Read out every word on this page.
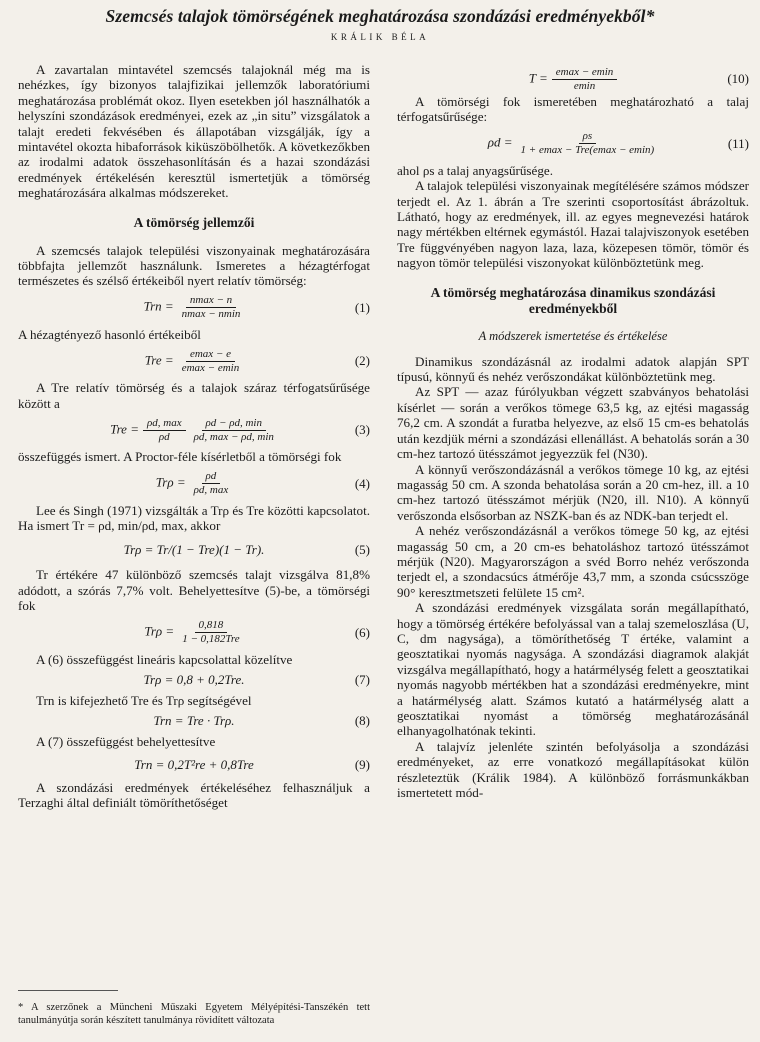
Szemcsés talajok tömörségének meghatározása szondázási eredményekből*
KRÁLIK BÉLA

A zavartalan mintavétel szemcsés talajoknál még ma is nehézkes, így bizonyos talajfizikai jellemzők laboratóriumi meghatározása problémát okoz. Ilyen esetekben jól használhatók a helyszíni szondázások eredményei, ezek az „in situ” vizsgálatok a talajt eredeti fekvésében és állapotában vizsgálják, így a mintavétel okozta hibaforrások kiküszöbölhetők. A következőkben az irodalmi adatok összehasonlításán és a hazai szondázási eredmények értékelésén keresztül ismertetjük a tömörség meghatározására alkalmas módszereket.

A tömörség jellemzői

A szemcsés talajok települési viszonyainak meghatározására többfajta jellemzőt használunk. Ismeretes a hézagtérfogat természetes és szélső értékeiből nyert relatív tömörség:

Trn = $\frac{nmax - n}{nmax - nmin}$	(1)

A hézagtényező hasonló értékeiből

Tre = $\frac{emax - e}{emax - emin}$	(2)

A Tre relatív tömörség és a talajok száraz térfogatsűrűsége között a

Tre = $\frac{\rho d, \max}{\rho d} \frac{\rho d - \rho d, \min}{\rho d, \max - \rho d, \min}$	(3)

összefüggés ismert. A Proctor-féle kísérletből a tömörségi fok

$Tr\rho = \frac{\rho d}{\rho d, \max}$	(4)

Lee és Singh (1971) vizsgálták a Trρ és Tre közötti kapcsolatot. Ha ismert Tr = ρd, min/ρd, max, akkor

Trρ = Tr/(1 − Tre)(1 − Tr).	(5)

Tr értékére 47 különböző szemcsés talajt vizsgálva 81,8% adódott, a szórás 7,7% volt. Behelyettesítve (5)-be, a tömörségi fok

$Tr\rho = \frac{0,818}{\text{1 − 0,182Tre}}$	(6)

A (6) összefüggést lineáris kapcsolattal közelítve

Trρ = 0,8 + 0,2Tre.	(7)

Trn is kifejezhető Tre és Trρ segítségével

Trn = Tre · Trρ.	(8)

A (7) összefüggést behelyettesítve

Trn = 0,2T²re + 0,8Tre	(9)

A szondázási eredmények értékeléséhez felhasználjuk a Terzaghi által definiált tömöríthetőséget

* A szerzőnek a Müncheni Műszaki Egyetem Mélyépítési-Tanszékén tett tanulmányútja során készített tanulmánya rövidített változata

$T = \frac{emax - emin}{emin}$	(10)

A tömörségi fok ismeretében meghatározható a talaj térfogatsűrűsége:

$\rho d = \frac{\rho s}{\text{1 + emax − Tre(emax − emin)}}$	(11)

ahol ρs a talaj anyagsűrűsége.

A talajok települési viszonyainak megítélésére számos módszer terjedt el. Az 1. ábrán a Tre szerinti csoportosítást ábrázoltuk. Látható, hogy az eredmények, ill. az egyes megnevezési határok nagy mértékben eltérnek egymástól. Hazai talajviszonyok esetében Tre függvényében nagyon laza, laza, közepesen tömör, tömör és nagyon tömör települési viszonyokat különböztetünk meg.

A tömörség meghatározása dinamikus szondázási eredményekből
A módszerek ismertetése és értékelése

Dinamikus szondázásnál az irodalmi adatok alapján SPT típusú, könnyű és nehéz verőszondákat különböztetünk meg.

Az SPT — azaz fúrólyukban végzett szabványos behatolási kísérlet — során a verőkos tömege 63,5 kg, az ejtési magasság 76,2 cm. A szondát a furatba helyezve, az első 15 cm-es behatolás után kezdjük mérni a szondázási ellenállást. A behatolás során a 30 cm-hez tartozó ütésszámot jegyezzük fel (N30).

A könnyű verőszondázásnál a verőkos tömege 10 kg, az ejtési magasság 50 cm. A szonda behatolása során a 20 cm-hez, ill. a 10 cm-hez tartozó ütésszámot mérjük (N20, ill. N10). A könnyű verőszonda elsősorban az NSZK-ban és az NDK-ban terjedt el.

A nehéz verőszondázásnál a verőkos tömege 50 kg, az ejtési magasság 50 cm, a 20 cm-es behatoláshoz tartozó ütésszámot mérjük (N20). Magyarországon a svéd Borro nehéz verőszonda terjedt el, a szondacsúcs átmérője 43,7 mm, a szonda csúcsszöge 90° keresztmetszeti felülete 15 cm².

A szondázási eredmények vizsgálata során megállapítható, hogy a tömörség értékére befolyással van a talaj szemeloszlása (U, C, dm nagysága), a tömöríthetőség T értéke, valamint a geosztatikai nyomás nagysága. A szondázási diagramok alakját vizsgálva megállapítható, hogy a határmélység felett a geosztatikai nyomás nagyobb mértékben hat a szondázási eredményekre, mint a határmélység alatt. Számos kutató a határmélység alatt a geosztatikai nyomást a tömörség meghatározásánál elhanyagolhatónak tekinti.

A talajvíz jelenléte szintén befolyásolja a szondázási eredményeket, az erre vonatkozó megállapításokat külön részleteztük (Králik 1984). A különböző forrásmunkákban ismertetett mód-
